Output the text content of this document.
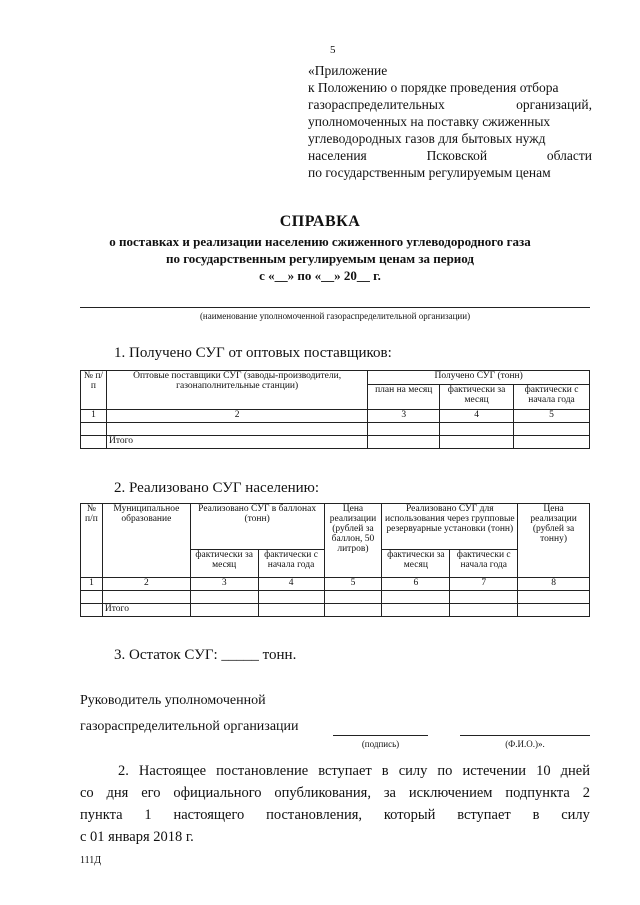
5
«Приложение
к Положению о порядке проведения отбора
газораспределительных	организаций,
уполномоченных на поставку сжиженных
углеводородных газов для бытовых нужд
населения	Псковской	области
по государственным регулируемым ценам
СПРАВКА
о поставках и реализации населению сжиженного углеводородного газа
по государственным регулируемым ценам за период
с «__» по «__» 20__ г.
(наименование уполномоченной газораспределительной организации)
1. Получено СУГ от оптовых поставщиков:
№ п/п	Оптовые поставщики СУГ (заводы-производители, газонаполнительные станции)	Получено СУГ (тонн)		
		план на месяц	фактически за месяц	фактически с начала года
1	2	3	4	5

	Итого			
2. Реализовано СУГ населению:
№ п/п	Муниципальное образование	Реализовано СУГ в баллонах (тонн)		Цена реализации (рублей за баллон, 50 литров)	Реализовано СУГ для использования через групповые резервуарные установки (тонн)		Цена реализации (рублей за тонну)
		фактически за месяц	фактически с начала года		фактически за месяц	фактически с начала года	
1	2	3	4	5	6	7	8

	Итого						
3. Остаток СУГ: _____ тонн.
Руководитель уполномоченной
газораспределительной организации
(подпись)	(Ф.И.О.)».
2. Настоящее постановление вступает в силу по истечении 10 дней
со дня его официального опубликования, за исключением подпункта 2
пункта 1 настоящего постановления, который вступает в силу
с 01 января 2018 г.
111Д
